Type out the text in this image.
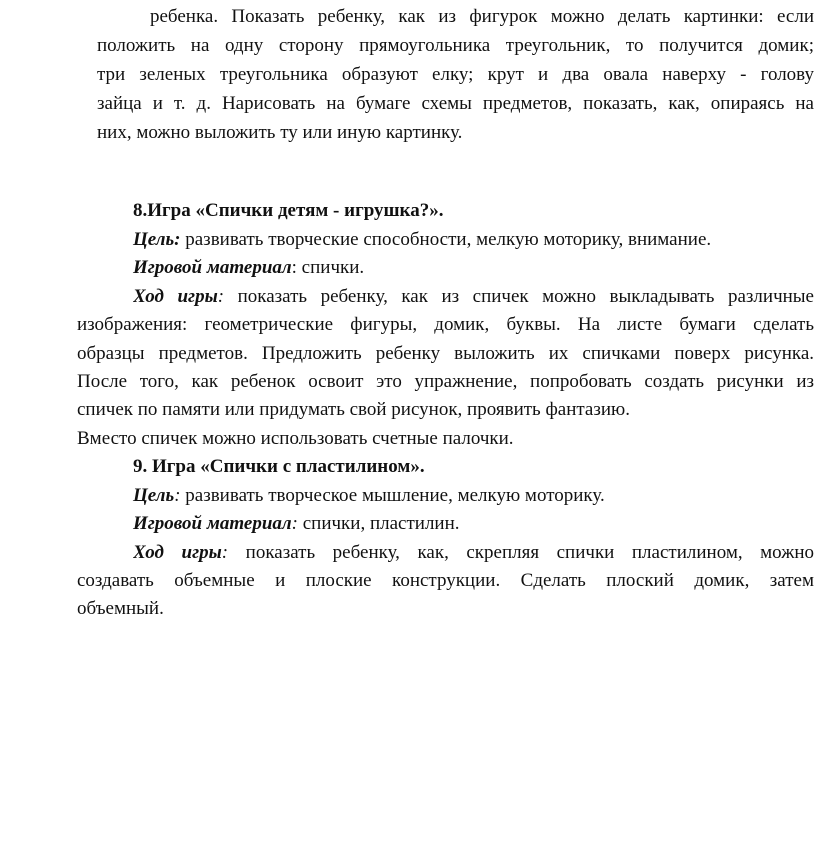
ребенка. Показать ребенку, как из фигурок можно делать картинки: если
положить на одну сторону прямоугольника треугольник, то получится домик;
три зеленых треугольника образуют елку; крут и два овала наверху - голову
зайца и т. д. Нарисовать на бумаге схемы предметов, показать, как, опираясь на
них, можно выложить ту или иную картинку.
8.Игра «Спички детям - игрушка?».
Цель: развивать творческие способности, мелкую моторику, внимание.
Игровой материал: спички.
Ход игры: показать ребенку, как из спичек можно выкладывать различные
изображения: геометрические фигуры, домик, буквы. На листе бумаги сделать
образцы предметов. Предложить ребенку выложить их спичками поверх рисунка.
После того, как ребенок освоит это упражнение, попробовать создать рисунки из
спичек по памяти или придумать свой рисунок, проявить фантазию.
Вместо спичек можно использовать счетные палочки.
9. Игра «Спички с пластилином».
Цель: развивать творческое мышление, мелкую моторику.
Игровой материал: спички, пластилин.
Ход игры: показать ребенку, как, скрепляя спички пластилином, можно
создавать объемные и плоские конструкции. Сделать плоский домик, затем
объемный.
